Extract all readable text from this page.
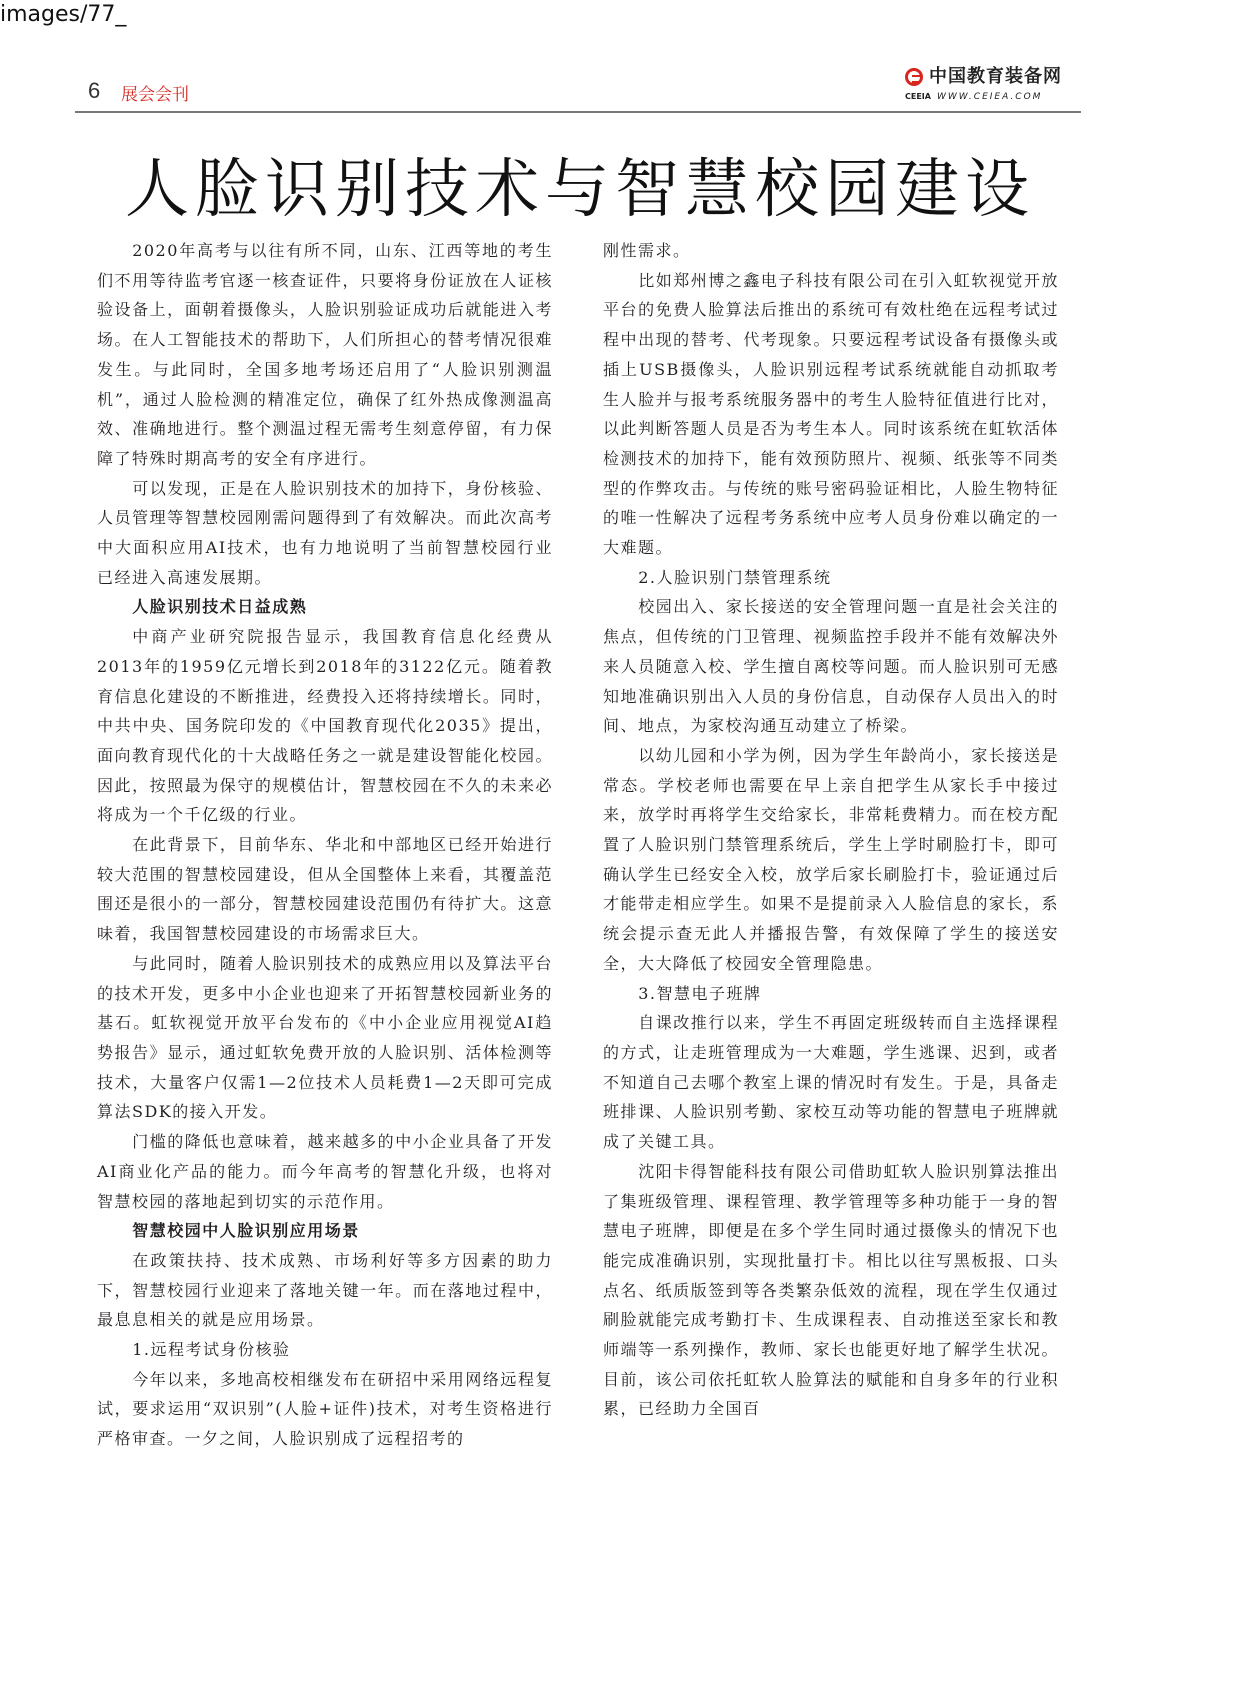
images/77_
6 展会会刊
中国教育装备网
CEEIA WWW.CEIEA.COM
人脸识别技术与智慧校园建设

2020年高考与以往有所不同，山东、江西等地的考生们不用等待监考官逐一核查证件，只要将身份证放在人证核验设备上，面朝着摄像头，人脸识别验证成功后就能进入考场。在人工智能技术的帮助下，人们所担心的替考情况很难发生。与此同时，全国多地考场还启用了“人脸识别测温机”，通过人脸检测的精准定位，确保了红外热成像测温高效、准确地进行。整个测温过程无需考生刻意停留，有力保障了特殊时期高考的安全有序进行。

可以发现，正是在人脸识别技术的加持下，身份核验、人员管理等智慧校园刚需问题得到了有效解决。而此次高考中大面积应用AI技术，也有力地说明了当前智慧校园行业已经进入高速发展期。

人脸识别技术日益成熟

中商产业研究院报告显示，我国教育信息化经费从2013年的1959亿元增长到2018年的3122亿元。随着教育信息化建设的不断推进，经费投入还将持续增长。同时，中共中央、国务院印发的《中国教育现代化2035》提出，面向教育现代化的十大战略任务之一就是建设智能化校园。因此，按照最为保守的规模估计，智慧校园在不久的未来必将成为一个千亿级的行业。

在此背景下，目前华东、华北和中部地区已经开始进行较大范围的智慧校园建设，但从全国整体上来看，其覆盖范围还是很小的一部分，智慧校园建设范围仍有待扩大。这意味着，我国智慧校园建设的市场需求巨大。

与此同时，随着人脸识别技术的成熟应用以及算法平台的技术开发，更多中小企业也迎来了开拓智慧校园新业务的基石。虹软视觉开放平台发布的《中小企业应用视觉AI趋势报告》显示，通过虹软免费开放的人脸识别、活体检测等技术，大量客户仅需1—2位技术人员耗费1—2天即可完成算法SDK的接入开发。

门槛的降低也意味着，越来越多的中小企业具备了开发AI商业化产品的能力。而今年高考的智慧化升级，也将对智慧校园的落地起到切实的示范作用。

智慧校园中人脸识别应用场景

在政策扶持、技术成熟、市场利好等多方因素的助力下，智慧校园行业迎来了落地关键一年。而在落地过程中，最息息相关的就是应用场景。

1.远程考试身份核验

今年以来，多地高校相继发布在研招中采用网络远程复试，要求运用“双识别”(人脸+证件)技术，对考生资格进行严格审查。一夕之间，人脸识别成了远程招考的

刚性需求。

比如郑州博之鑫电子科技有限公司在引入虹软视觉开放平台的免费人脸算法后推出的系统可有效杜绝在远程考试过程中出现的替考、代考现象。只要远程考试设备有摄像头或插上USB摄像头，人脸识别远程考试系统就能自动抓取考生人脸并与报考系统服务器中的考生人脸特征值进行比对，以此判断答题人员是否为考生本人。同时该系统在虹软活体检测技术的加持下，能有效预防照片、视频、纸张等不同类型的作弊攻击。与传统的账号密码验证相比，人脸生物特征的唯一性解决了远程考务系统中应考人员身份难以确定的一大难题。

2.人脸识别门禁管理系统

校园出入、家长接送的安全管理问题一直是社会关注的焦点，但传统的门卫管理、视频监控手段并不能有效解决外来人员随意入校、学生擅自离校等问题。而人脸识别可无感知地准确识别出入人员的身份信息，自动保存人员出入的时间、地点，为家校沟通互动建立了桥梁。

以幼儿园和小学为例，因为学生年龄尚小，家长接送是常态。学校老师也需要在早上亲自把学生从家长手中接过来，放学时再将学生交给家长，非常耗费精力。而在校方配置了人脸识别门禁管理系统后，学生上学时刷脸打卡，即可确认学生已经安全入校，放学后家长刷脸打卡，验证通过后才能带走相应学生。如果不是提前录入人脸信息的家长，系统会提示查无此人并播报告警，有效保障了学生的接送安全，大大降低了校园安全管理隐患。

3.智慧电子班牌

自课改推行以来，学生不再固定班级转而自主选择课程的方式，让走班管理成为一大难题，学生逃课、迟到，或者不知道自己去哪个教室上课的情况时有发生。于是，具备走班排课、人脸识别考勤、家校互动等功能的智慧电子班牌就成了关键工具。

沈阳卡得智能科技有限公司借助虹软人脸识别算法推出了集班级管理、课程管理、教学管理等多种功能于一身的智慧电子班牌，即便是在多个学生同时通过摄像头的情况下也能完成准确识别，实现批量打卡。相比以往写黑板报、口头点名、纸质版签到等各类繁杂低效的流程，现在学生仅通过刷脸就能完成考勤打卡、生成课程表、自动推送至家长和教师端等一系列操作，教师、家长也能更好地了解学生状况。目前，该公司依托虹软人脸算法的赋能和自身多年的行业积累，已经助力全国百
